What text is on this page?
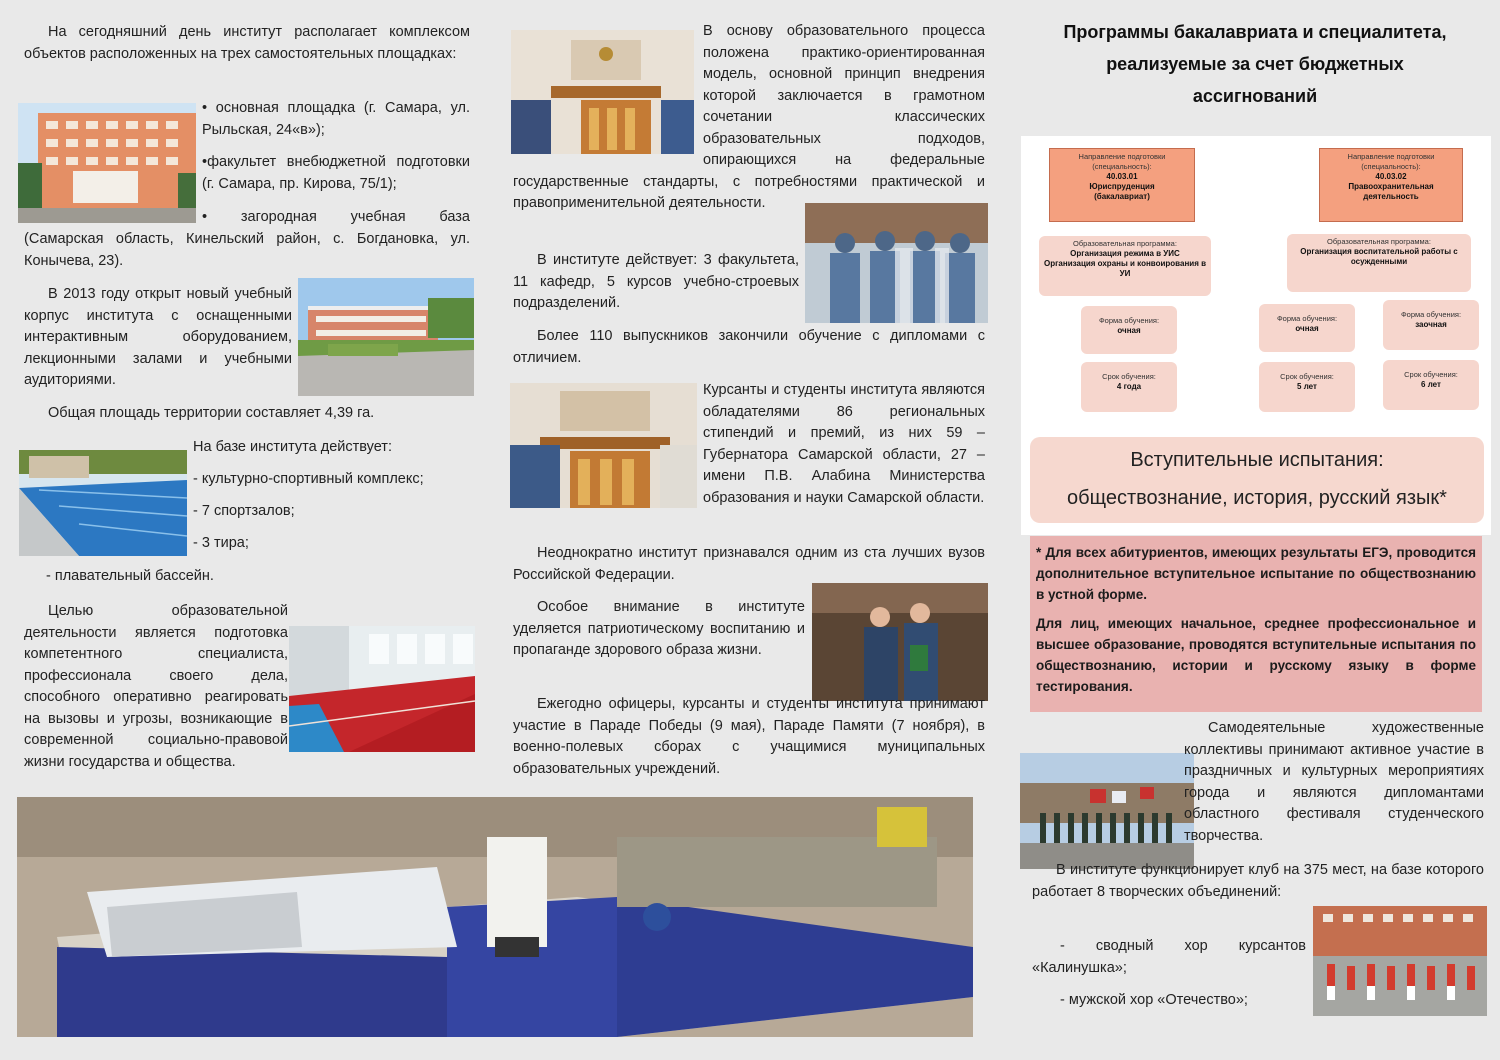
На сегодняшний день институт располагает комплексом объектов расположенных на трех самостоятельных площадках:

• основная площадка (г. Самара, ул. Рыльская, 24«в»);

•факультет внебюджетной подготовки (г. Самара, пр. Кирова, 75/1);

• загородная учебная база

(Самарская область, Кинельский район, с. Богдановка, ул. Конычева, 23).

В 2013 году открыт новый учебный корпус института с оснащенными интерактивным оборудованием, лекционными залами и учебными аудиториями.

Общая площадь территории составляет 4,39 га.

На базе института действует:

- культурно-спортивный комплекс;

- 7 спортзалов;

- 3 тира;

- плавательный бассейн.

Целью образовательной деятельности является подготовка компетентного специалиста, профессионала своего дела, способного оперативно реагировать на вызовы и угрозы, возникающие в современной социально-правовой жизни государства и общества.

В основу образовательного процесса положена практико-ориентированная модель, основной принцип внедрения которой заключается в грамотном сочетании классических образовательных подходов, опирающихся на федеральные государственные стандарты, с потребностями практической и правоприменительной деятельности.

В институте действует: 3 факультета, 11 кафедр, 5 курсов учебно-строевых подразделений.

Более 110 выпускников закончили обучение с дипломами с отличием.

Курсанты и студенты института являются обладателями 86 региональных стипендий и премий, из них 59 – Губернатора Самарской области, 27 – имени П.В. Алабина Министерства образования и науки Самарской области.

Неоднократно институт признавался одним из ста лучших вузов Российской Федерации.

Особое внимание в институте уделяется патриотическому воспитанию и пропаганде здорового образа жизни.

Ежегодно офицеры, курсанты и студенты института принимают участие в Параде Победы (9 мая), Параде Памяти (7 ноября), в военно-полевых сборах с учащимися муниципальных образовательных учреждений.

Программы бакалавриата и специалитета,
реализуемые за счет бюджетных
ассигнований
Направление подготовки
(специальность):
40.03.01
Юриспруденция
(бакалавриат)
Направление подготовки
(специальность):
40.03.02
Правоохранительная
деятельность
Образовательная программа:
Организация режима в УИС
Организация охраны и конвоирования в УИ
Образовательная программа:
Организация воспитательной работы с осужденными
Форма обучения:
очная
Форма обучения:
очная
Форма обучения:
заочная
Срок обучения:
4 года
Срок обучения:
5 лет
Срок обучения:
6 лет
Вступительные испытания:
обществознание, история, русский язык*

* Для всех абитуриентов, имеющих результаты ЕГЭ, проводится дополнительное вступительное испытание по обществознанию в устной форме.

Для лиц, имеющих начальное, среднее профессиональное и высшее образование, проводятся вступительные испытания по обществознанию, истории и русскому языку в форме тестирования.

Самодеятельные художественные коллективы принимают активное участие в праздничных и культурных мероприятиях города и являются дипломантами областного фестиваля студенческого творчества.

В институте функционирует клуб на 375 мест, на базе которого работает 8 творческих объединений:

- сводный хор курсантов «Калинушка»;

- мужской хор «Отечество»;
